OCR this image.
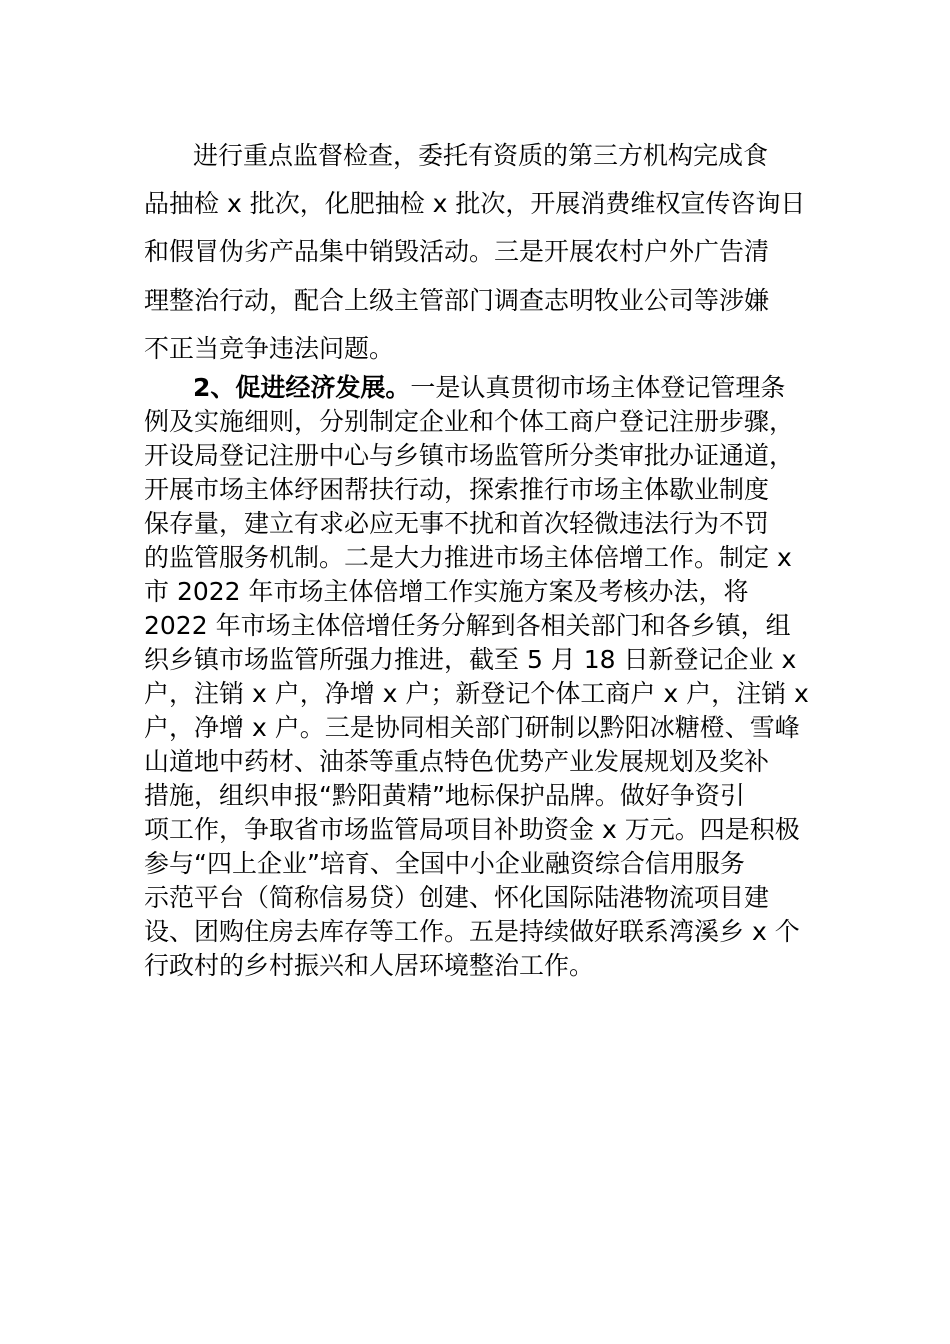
进行重点监督检查，委托有资质的第三方机构完成食
品抽检 x 批次，化肥抽检 x 批次，开展消费维权宣传咨询日
和假冒伪劣产品集中销毁活动。三是开展农村户外广告清
理整治行动，配合上级主管部门调查志明牧业公司等涉嫌
不正当竞争违法问题。
2、促进经济发展。一是认真贯彻市场主体登记管理条
例及实施细则，分别制定企业和个体工商户登记注册步骤，
开设局登记注册中心与乡镇市场监管所分类审批办证通道，
开展市场主体纾困帮扶行动，探索推行市场主体歇业制度
保存量，建立有求必应无事不扰和首次轻微违法行为不罚
的监管服务机制。二是大力推进市场主体倍增工作。制定 x
市 2022 年市场主体倍增工作实施方案及考核办法，将
2022 年市场主体倍增任务分解到各相关部门和各乡镇，组
织乡镇市场监管所强力推进，截至 5 月 18 日新登记企业 x
户，注销 x 户，净增 x 户；新登记个体工商户 x 户，注销 x
户，净增 x 户。三是协同相关部门研制以黔阳冰糖橙、雪峰
山道地中药材、油茶等重点特色优势产业发展规划及奖补
措施，组织申报“黔阳黄精”地标保护品牌。做好争资引
项工作，争取省市场监管局项目补助资金 x 万元。四是积极
参与“四上企业”培育、全国中小企业融资综合信用服务
示范平台（简称信易贷）创建、怀化国际陆港物流项目建
设、团购住房去库存等工作。五是持续做好联系湾溪乡 x 个
行政村的乡村振兴和人居环境整治工作。
